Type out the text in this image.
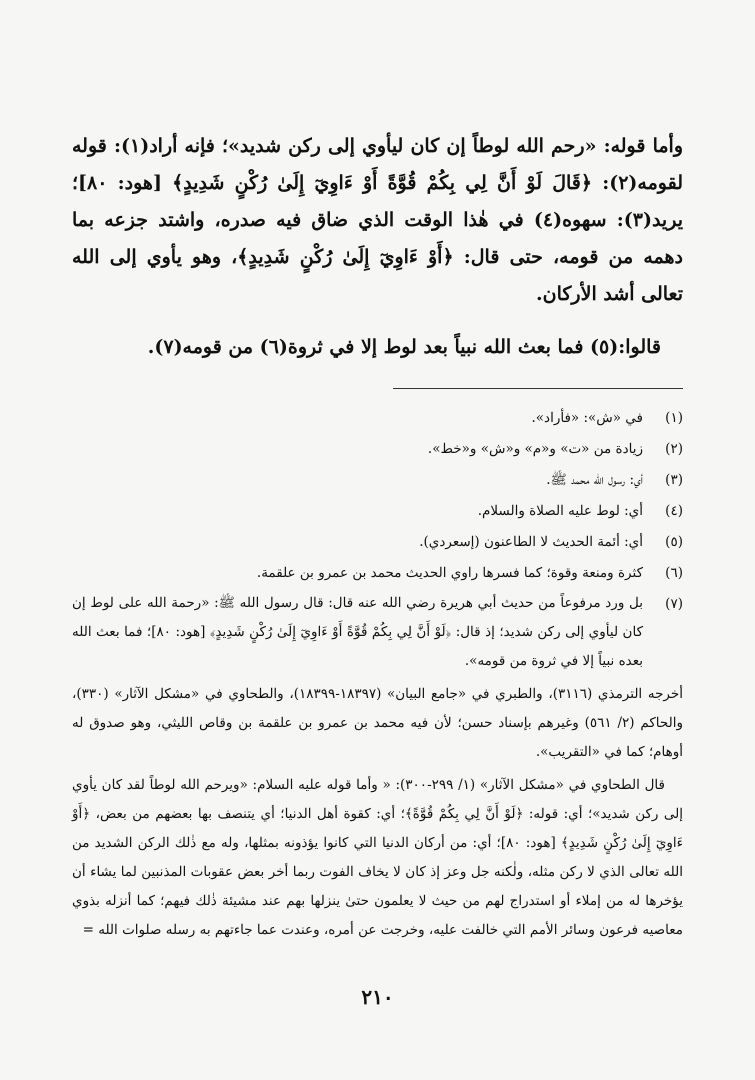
وأما قوله: «رحم الله لوطاً إن كان ليأوي إلى ركن شديد»؛ فإنه أراد(١): قوله لقومه(٢): ﴿قَالَ لَوْ أَنَّ لِي بِكُمْ قُوَّةً أَوْ ءَاوِيٓ إِلَىٰ رُكْنٍ شَدِيدٍ﴾ [هود: ٨٠]؛ يريد(٣): سهوه(٤) في هٰذا الوقت الذي ضاق فيه صدره، واشتد جزعه بما دهمه من قومه، حتى قال: ﴿أَوْ ءَاوِيٓ إِلَىٰ رُكْنٍ شَدِيدٍ﴾، وهو يأوي إلى الله تعالى أشد الأركان.

قالوا:(٥) فما بعث الله نبياً بعد لوط إلا في ثروة(٦) من قومه(٧).

(١)
في «ش»: «فأراد».
(٢)
زيادة من «ت» و«م» و«ش» و«خط».
(٣)
أي: رسول الله محمد ﷺ.
(٤)
أي: لوط عليه الصلاة والسلام.
(٥)
أي: أئمة الحديث لا الطاعنون (إسعردي).
(٦)
كثرة ومنعة وقوة؛ كما فسرها راوي الحديث محمد بن عمرو بن علقمة.
(٧)
بل ورد مرفوعاً من حديث أبي هريرة رضي الله عنه قال: قال رسول الله ﷺ: «رحمة الله على لوط إن كان ليأوي إلى ركن شديد؛ إذ قال: ﴿لَوْ أَنَّ لِي بِكُمْ قُوَّةً أَوْ ءَاوِيٓ إِلَىٰ رُكْنٍ شَدِيدٍ﴾ [هود: ٨٠]؛ فما بعث الله بعده نبياً إلا في ثروة من قومه».

أخرجه الترمذي (٣١١٦)، والطبري في «جامع البيان» (١٨٣٩٧-١٨٣٩٩)، والطحاوي في «مشكل الآثار» (٣٣٠)، والحاكم (٢/ ٥٦١) وغيرهم بإسناد حسن؛ لأن فيه محمد بن عمرو بن علقمة بن وقاص الليثي، وهو صدوق له أوهام؛ كما في «التقريب».

قال الطحاوي في «مشكل الآثار» (١/ ٢٩٩-٣٠٠): « وأما قوله عليه السلام: «ويرحم الله لوطاً لقد كان يأوي إلى ركن شديد»؛ أي: قوله: ﴿لَوْ أَنَّ لِي بِكُمْ قُوَّةً﴾؛ أي: كقوة أهل الدنيا؛ أي يتنصف بها بعضهم من بعض، ﴿أَوْ ءَاوِيٓ إِلَىٰ رُكْنٍ شَدِيدٍ﴾ [هود: ٨٠]؛ أي: من أركان الدنيا التي كانوا يؤذونه بمثلها، وله مع ذٰلك الركن الشديد من الله تعالى الذي لا ركن مثله، ولٰكنه جل وعز إذ كان لا يخاف الفوت ربما أخر بعض عقوبات المذنبين لما يشاء أن يؤخرها له من إملاء أو استدراج لهم من حيث لا يعلمون حتىٰ ينزلها بهم عند مشيئة ذٰلك فيهم؛ كما أنزله بذوي معاصيه فرعون وسائر الأمم التي خالفت عليه، وخرجت عن أمره، وعندت عما جاءتهم به رسله صلوات الله =

٢١٠
